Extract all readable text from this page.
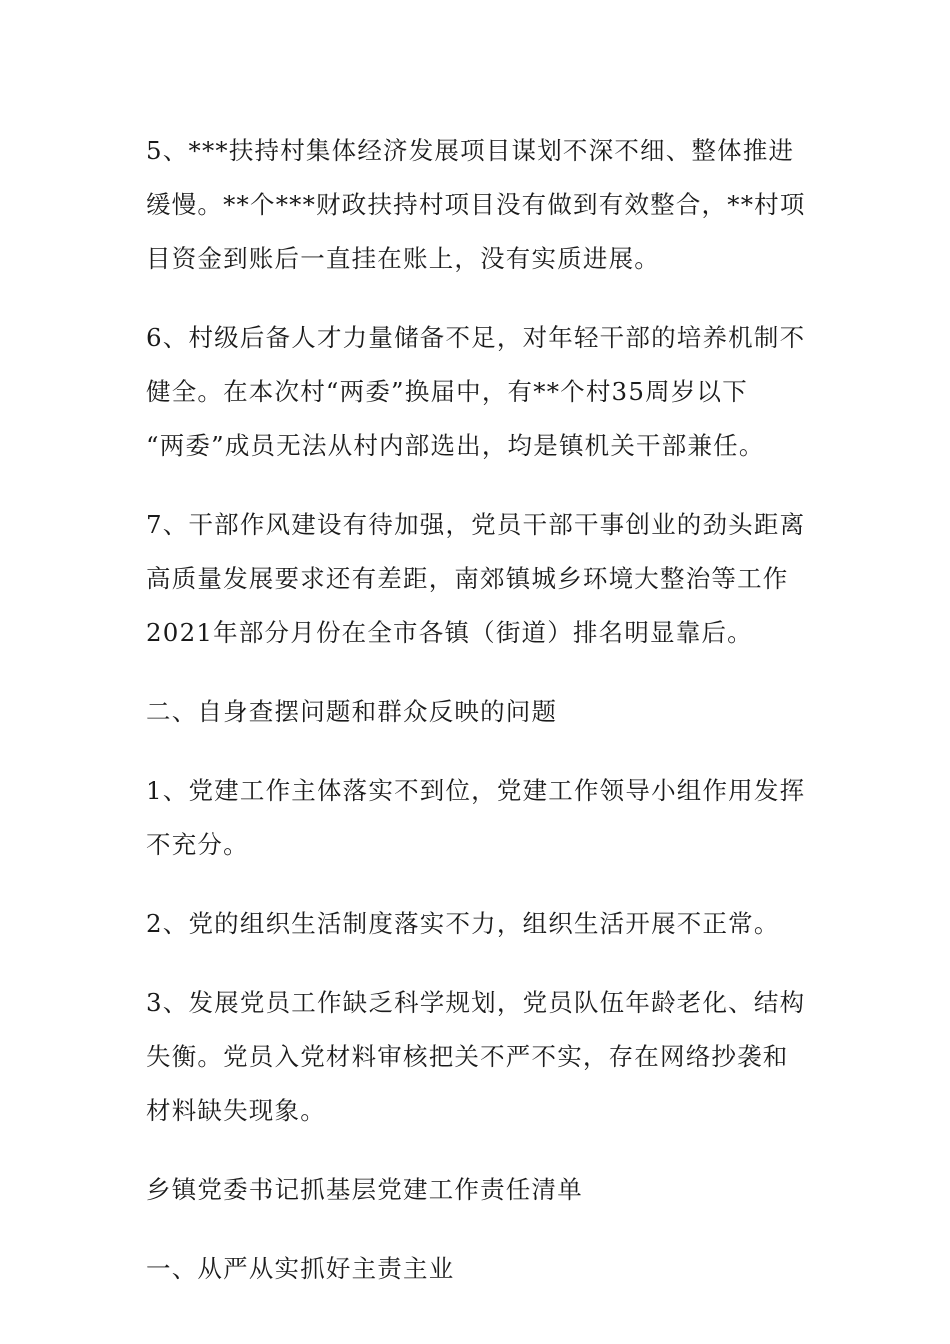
5、***扶持村集体经济发展项目谋划不深不细、整体推进
缓慢。**个***财政扶持村项目没有做到有效整合，**村项
目资金到账后一直挂在账上，没有实质进展。

6、村级后备人才力量储备不足，对年轻干部的培养机制不
健全。在本次村“两委”换届中，有**个村35周岁以下
“两委”成员无法从村内部选出，均是镇机关干部兼任。

7、干部作风建设有待加强，党员干部干事创业的劲头距离
高质量发展要求还有差距，南郊镇城乡环境大整治等工作
2021年部分月份在全市各镇（街道）排名明显靠后。

二、自身查摆问题和群众反映的问题

1、党建工作主体落实不到位，党建工作领导小组作用发挥
不充分。

2、党的组织生活制度落实不力，组织生活开展不正常。

3、发展党员工作缺乏科学规划，党员队伍年龄老化、结构
失衡。党员入党材料审核把关不严不实，存在网络抄袭和
材料缺失现象。

乡镇党委书记抓基层党建工作责任清单

一、从严从实抓好主责主业
